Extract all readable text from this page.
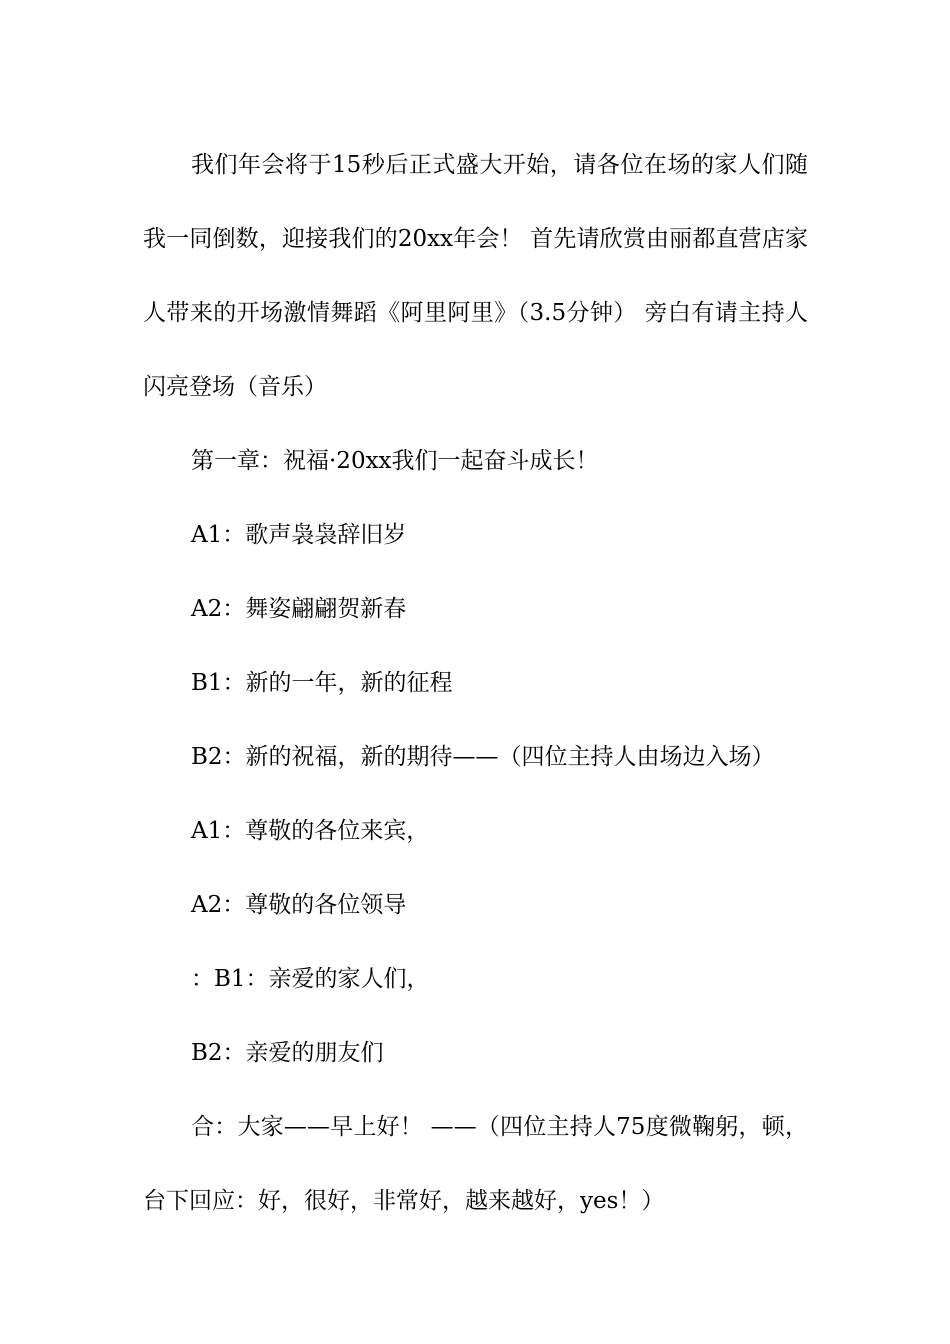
我们年会将于15秒后正式盛大开始，请各位在场的家人们随我一同倒数，迎接我们的20xx年会！ 首先请欣赏由丽都直营店家人带来的开场激情舞蹈《阿里阿里》（3.5分钟） 旁白有请主持人闪亮登场（音乐）

第一章：祝福·20xx我们一起奋斗成长！

A1：歌声袅袅辞旧岁

A2：舞姿翩翩贺新春

B1：新的一年，新的征程

B2：新的祝福，新的期待——（四位主持人由场边入场）

A1：尊敬的各位来宾，

A2：尊敬的各位领导

：B1：亲爱的家人们，

B2：亲爱的朋友们

合：大家——早上好！ ——（四位主持人75度微鞠躬，顿，台下回应：好，很好，非常好，越来越好，yes！）
